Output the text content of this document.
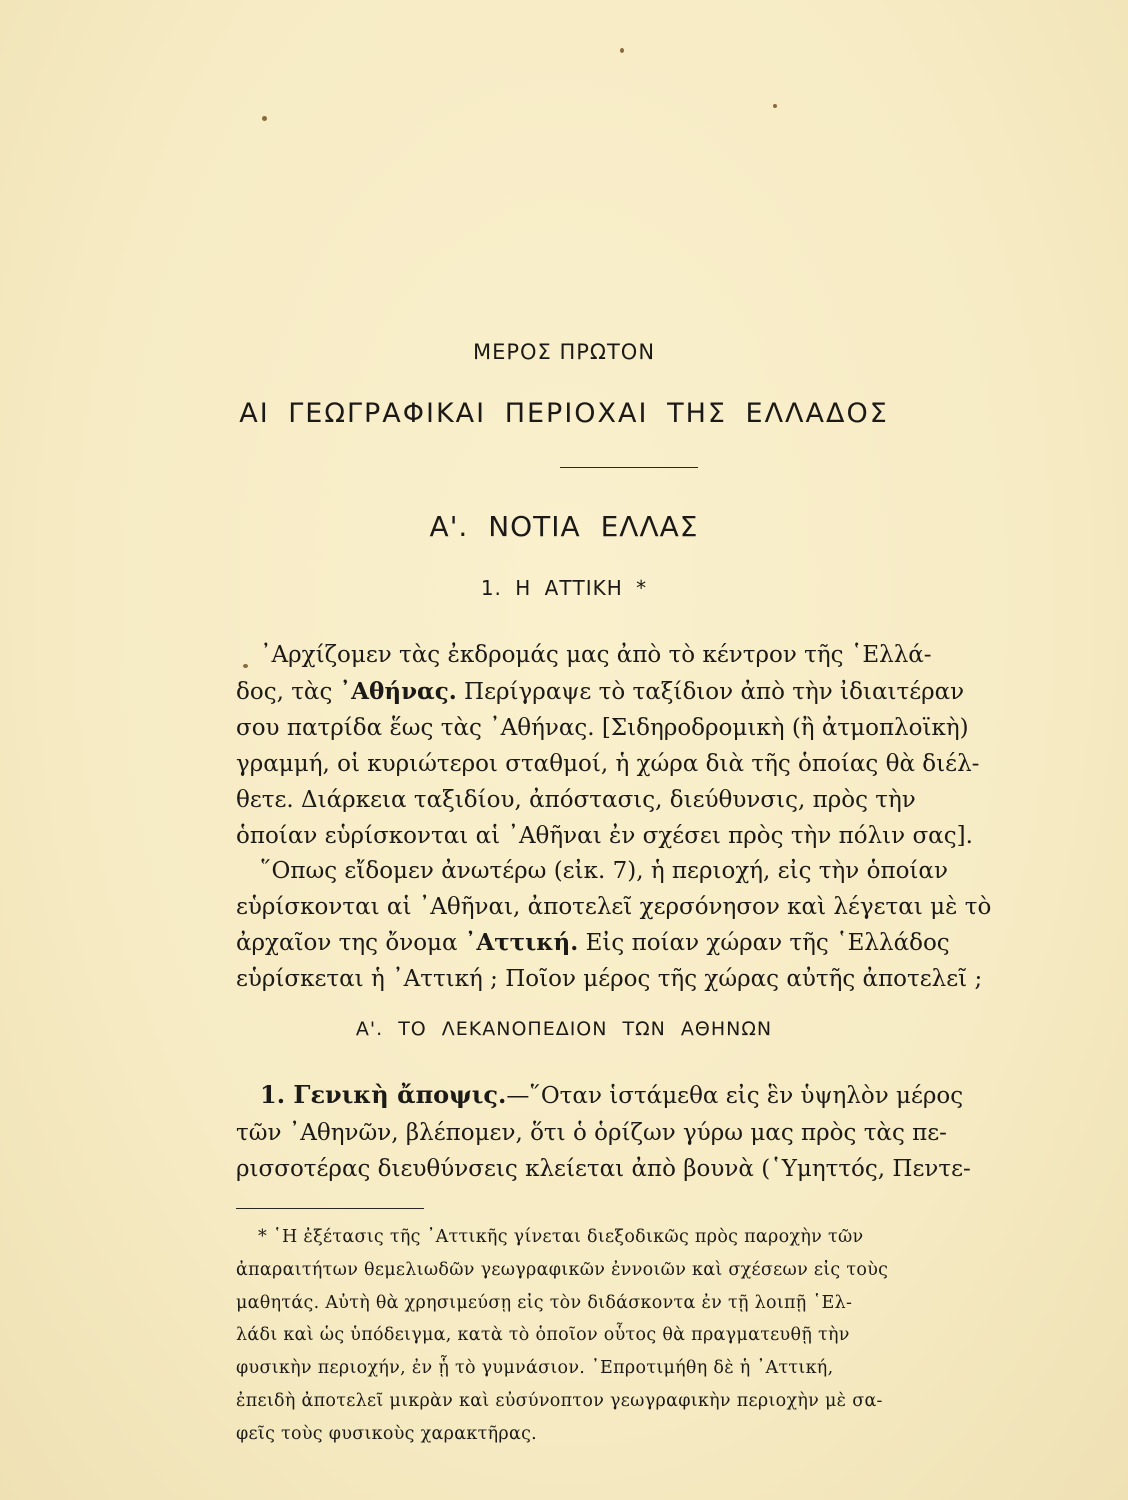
ΜΕΡΟΣ ΠΡΩΤΟΝ
ΑΙ ΓΕΩΓΡΑΦΙΚΑΙ ΠΕΡΙΟΧΑΙ ΤΗΣ ΕΛΛΑΔΟΣ
Α'. ΝΟΤΙΑ ΕΛΛΑΣ
1. Η ΑΤΤΙΚΗ *

᾿Αρχίζομεν τὰς ἐκδρομάς μας ἀπὸ τὸ κέντρον τῆς ῾Ελλά-

δος, τὰς ᾿Αθήνας. Περίγραψε τὸ ταξίδιον ἀπὸ τὴν ἰδιαιτέραν

σου πατρίδα ἕως τὰς ᾿Αθήνας. [Σιδηροδρομικὴ (ἢ ἀτμοπλοϊκὴ)

γραμμή, οἱ κυριώτεροι σταθμοί, ἡ χώρα διὰ τῆς ὁποίας θὰ διέλ-

θετε. Διάρκεια ταξιδίου, ἀπόστασις, διεύθυνσις, πρὸς τὴν

ὁποίαν εὑρίσκονται αἱ ᾿Αθῆναι ἐν σχέσει πρὸς τὴν πόλιν σας].

῞Οπως εἴδομεν ἀνωτέρω (εἰκ. 7), ἡ περιοχή, εἰς τὴν ὁποίαν

εὑρίσκονται αἱ ᾿Αθῆναι, ἀποτελεῖ χερσόνησον καὶ λέγεται μὲ τὸ

ἀρχαῖον της ὄνομα ᾿Αττική. Εἰς ποίαν χώραν τῆς ῾Ελλάδος

εὑρίσκεται ἡ ᾿Αττική ; Ποῖον μέρος τῆς χώρας αὐτῆς ἀποτελεῖ ;

Α'. ΤΟ ΛΕΚΑΝΟΠΕΔΙΟΝ ΤΩΝ ΑΘΗΝΩΝ

1. Γενικὴ ἄποψις.—῞Οταν ἱστάμεθα εἰς ἓν ὑψηλὸν μέρος

τῶν ᾿Αθηνῶν, βλέπομεν, ὅτι ὁ ὁρίζων γύρω μας πρὸς τὰς πε-

ρισσοτέρας διευθύνσεις κλείεται ἀπὸ βουνὰ (῾Υμηττός, Πεντε-

* ῾Η ἐξέτασις τῆς ᾿Αττικῆς γίνεται διεξοδικῶς πρὸς παροχὴν τῶν

ἀπαραιτήτων θεμελιωδῶν γεωγραφικῶν ἐννοιῶν καὶ σχέσεων εἰς τοὺς

μαθητάς. Αὐτὴ θὰ χρησιμεύσῃ εἰς τὸν διδάσκοντα ἐν τῇ λοιπῇ ῾Ελ-

λάδι καὶ ὡς ὑπόδειγμα, κατὰ τὸ ὁποῖον οὗτος θὰ πραγματευθῇ τὴν

φυσικὴν περιοχήν, ἐν ᾗ τὸ γυμνάσιον. ᾿Επροτιμήθη δὲ ἡ ᾿Αττική,

ἐπειδὴ ἀποτελεῖ μικρὰν καὶ εὐσύνοπτον γεωγραφικὴν περιοχὴν μὲ σα-

φεῖς τοὺς φυσικοὺς χαρακτῆρας.
